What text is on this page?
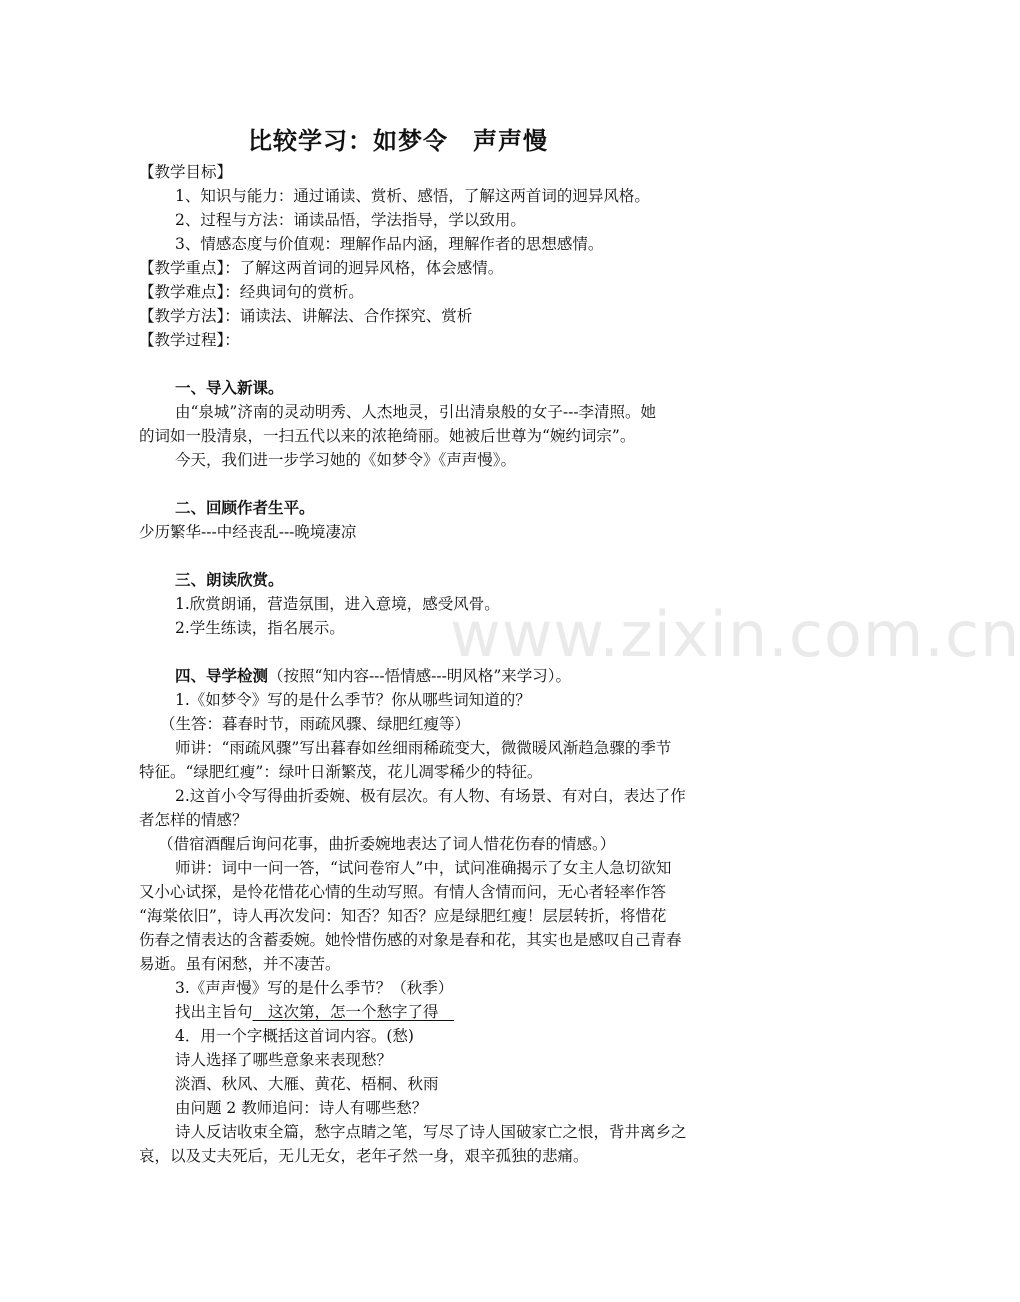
www.zixin.com.cn
比较学习：如梦令　声声慢
【教学目标】
1、知识与能力：通过诵读、赏析、感悟，了解这两首词的迥异风格。
2、过程与方法：诵读品悟，学法指导，学以致用。
3、情感态度与价值观：理解作品内涵，理解作者的思想感情。
【教学重点】：了解这两首词的迥异风格，体会感情。
【教学难点】：经典词句的赏析。
【教学方法】：诵读法、讲解法、合作探究、赏析
【教学过程】：
一、导入新课。
由“泉城”济南的灵动明秀、人杰地灵，引出清泉般的女子---李清照。她
的词如一股清泉，一扫五代以来的浓艳绮丽。她被后世尊为“婉约词宗”。
今天，我们进一步学习她的《如梦令》《声声慢》。
二、回顾作者生平。
少历繁华---中经丧乱---晚境凄凉
三、朗读欣赏。
1.欣赏朗诵，营造氛围，进入意境，感受风骨。
2.学生练读，指名展示。
四、导学检测（按照“知内容---悟情感---明风格”来学习）。
1.《如梦令》写的是什么季节？你从哪些词知道的？
（生答：暮春时节，雨疏风骤、绿肥红瘦等）
师讲：“雨疏风骤”写出暮春如丝细雨稀疏变大，微微暖风渐趋急骤的季节
特征。“绿肥红瘦”：绿叶日渐繁茂，花儿凋零稀少的特征。
2.这首小令写得曲折委婉、极有层次。有人物、有场景、有对白，表达了作
者怎样的情感？
（借宿酒醒后询问花事，曲折委婉地表达了词人惜花伤春的情感。）
师讲：词中一问一答，“试问卷帘人”中，试问准确揭示了女主人急切欲知
又小心试探，是怜花惜花心情的生动写照。有情人含情而问，无心者轻率作答
“海棠依旧”，诗人再次发问：知否？知否？应是绿肥红瘦！层层转折，将惜花
伤春之情表达的含蓄委婉。她怜惜伤感的对象是春和花，其实也是感叹自己青春
易逝。虽有闲愁，并不凄苦。
3.《声声慢》写的是什么季节？（秋季）
找出主旨句　这次第，怎一个愁字了得　
4．用一个字概括这首词内容。(愁)
诗人选择了哪些意象来表现愁？
淡酒、秋风、大雁、黄花、梧桐、秋雨
由问题 2 教师追问：诗人有哪些愁？
诗人反诘收束全篇，愁字点睛之笔，写尽了诗人国破家亡之恨，背井离乡之
哀，以及丈夫死后，无儿无女，老年孑然一身，艰辛孤独的悲痛。
